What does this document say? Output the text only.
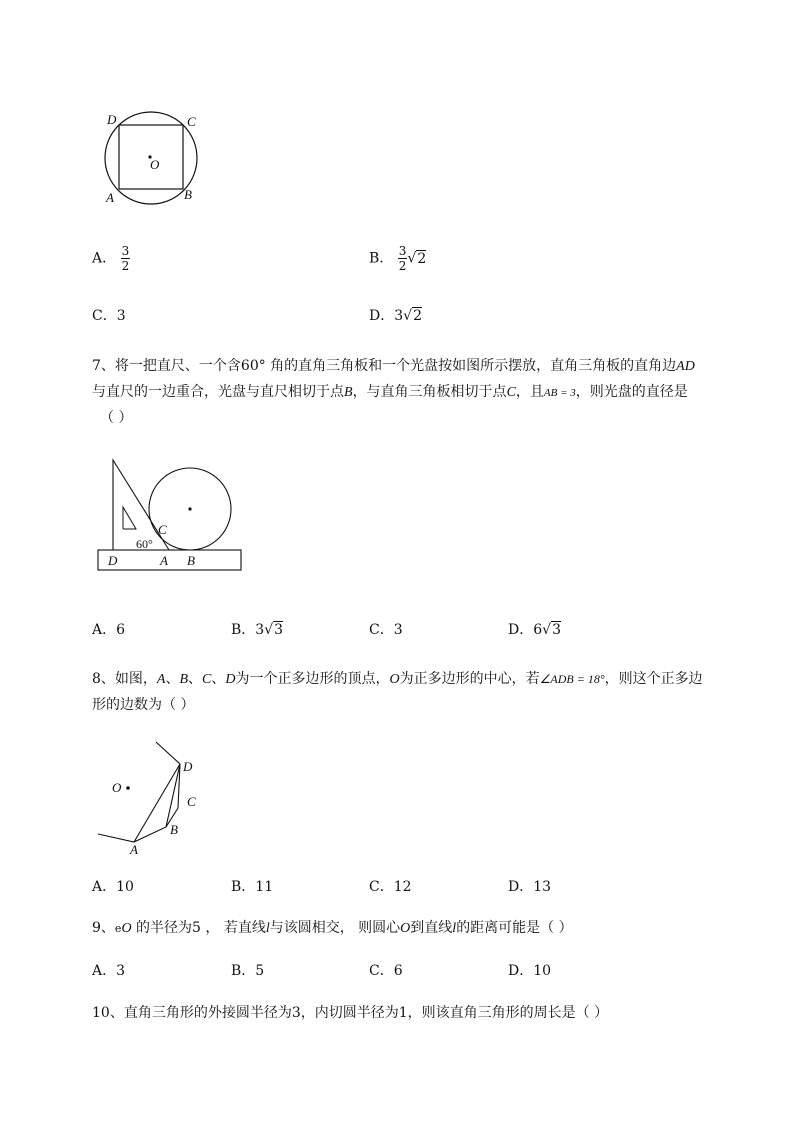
D	C
O
A	B
A． $\frac{3}{2}$	B． $\frac{3}{2} √2$
C．3	D．3√2
7、将一把直尺、一个含60° 角的直角三角板和一个光盘按如图所示摆放，直角三角板的直角边AD
与直尺的一边重合，光盘与直尺相切于点B，与直角三角板相切于点C，且AB = 3，则光盘的直径是
（ ）
C
60°
D	A B
A．6	B．3√3	C．3	D．6√3
8、如图，A、B、C、D为一个正多边形的顶点，O为正多边形的中心，若∠ADB = 18°，则这个正多边
形的边数为（ ）
O
D
C
B
A
A．10	B．11	C．12	D．13
9、eO 的半径为5 ， 若直线l与该圆相交， 则圆心O到直线l的距离可能是（ ）
A．3	B．5	C．6	D．10
10、直角三角形的外接圆半径为3，内切圆半径为1，则该直角三角形的周长是（ ）
